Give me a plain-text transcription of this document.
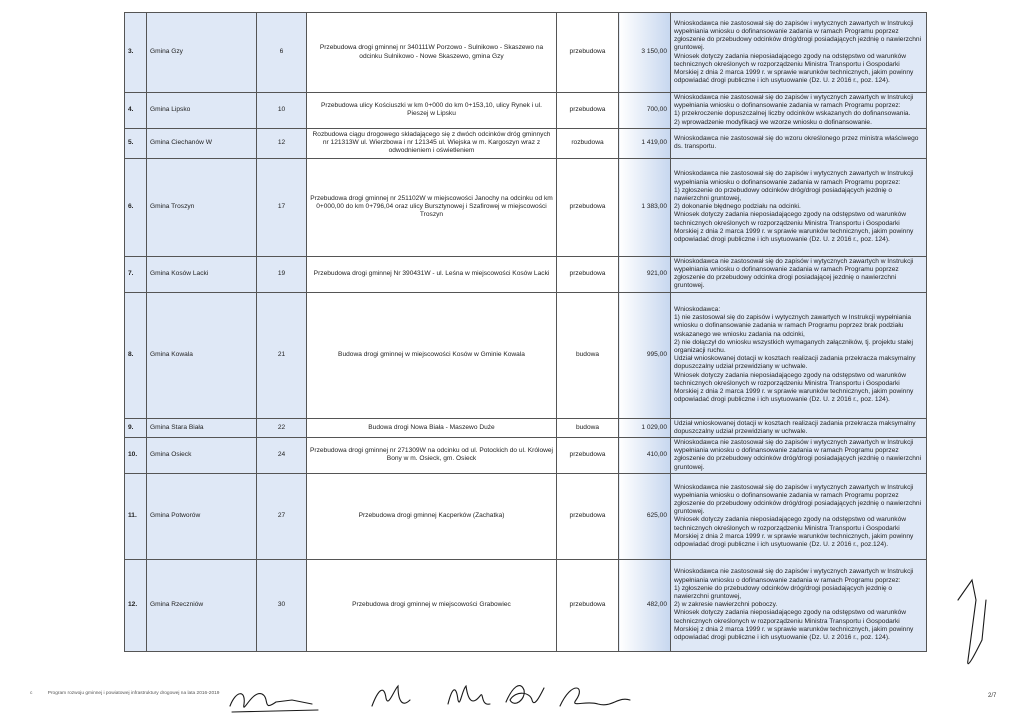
3.	Gmina Gzy	6	Przebudowa drogi gminnej nr 340111W Porzowo - Sulnikowo - Skaszewo na odcinku Sulnikowo - Nowe Skaszewo, gmina Gzy	przebudowa	3 150,00	Wnioskodawca nie zastosował się do zapisów i wytycznych zawartych w Instrukcji wypełniania wniosku o dofinansowanie zadania w ramach Programu poprzez zgłoszenie do przebudowy odcinków dróg/drogi posiadających jezdnię o nawierzchni gruntowej.

Wniosek dotyczy zadania nieposiadającego zgody na odstępstwo od warunków technicznych określonych w rozporządzeniu Ministra Transportu i Gospodarki Morskiej z dnia 2 marca 1999 r. w sprawie warunków technicznych, jakim powinny odpowiadać drogi publiczne i ich usytuowanie (Dz. U. z 2016 r., poz. 124).

4.	Gmina Lipsko	10	Przebudowa ulicy Kościuszki w km 0+000 do km 0+153,10, ulicy Rynek i ul. Pieszej w Lipsku	przebudowa	700,00	Wnioskodawca nie zastosował się do zapisów i wytycznych zawartych w Instrukcji wypełniania wniosku o dofinansowanie zadania w ramach Programu poprzez:

1) przekroczenie dopuszczalnej liczby odcinków wskazanych do dofinansowania.

2) wprowadzenie modyfikacji we wzorze wniosku o dofinansowanie.

5.	Gmina Ciechanów W	12	Rozbudowa ciągu drogowego składającego się z dwóch odcinków dróg gminnych nr 121313W ul. Wierzbowa i nr 121345 ul. Wiejska w m. Kargoszyn wraz z odwodnieniem i oświetleniem	rozbudowa	1 419,00	Wnioskodawca nie zastosował się do wzoru określonego przez ministra właściwego ds. transportu.

6.	Gmina Troszyn	17	Przebudowa drogi gminnej nr 251102W w miejscowości Janochy na odcinku od km 0+000,00 do km 0+796,04 oraz ulicy Bursztynowej i Szafirowej w miejscowości Troszyn	przebudowa	1 383,00	Wnioskodawca nie zastosował się do zapisów i wytycznych zawartych w Instrukcji wypełniania wniosku o dofinansowanie zadania w ramach Programu poprzez:

1) zgłoszenie do przebudowy odcinków dróg/drogi posiadających jezdnię o nawierzchni gruntowej,

2) dokonanie błędnego podziału na odcinki.

Wniosek dotyczy zadania nieposiadającego zgody na odstępstwo od warunków technicznych określonych w rozporządzeniu Ministra Transportu i Gospodarki Morskiej z dnia 2 marca 1999 r. w sprawie warunków technicznych, jakim powinny odpowiadać drogi publiczne i ich usytuowanie (Dz. U. z 2016 r., poz. 124).

7.	Gmina Kosów Lacki	19	Przebudowa drogi gminnej Nr 390431W - ul. Leśna w miejscowości Kosów Lacki	przebudowa	921,00	Wnioskodawca nie zastosował się do zapisów i wytycznych zawartych w Instrukcji wypełniania wniosku o dofinansowanie zadania w ramach Programu poprzez zgłoszenie do przebudowy odcinka drogi posiadającej jezdnię o nawierzchni gruntowej.

8.	Gmina Kowala	21	Budowa drogi gminnej w miejscowości Kosów w Gminie Kowala	budowa	995,00	Wnioskodawca:

1) nie zastosował się do zapisów i wytycznych zawartych w Instrukcji wypełniania wniosku o dofinansowanie zadania w ramach Programu poprzez brak podziału wskazanego we wniosku zadania na odcinki,

2) nie dołączył do wniosku wszystkich wymaganych załączników, tj. projektu stałej organizacji ruchu.

Udział wnioskowanej dotacji w kosztach realizacji zadania przekracza maksymalny dopuszczalny udział przewidziany w uchwale.

Wniosek dotyczy zadania nieposiadającego zgody na odstępstwo od warunków technicznych określonych w rozporządzeniu Ministra Transportu i Gospodarki Morskiej z dnia 2 marca 1999 r. w sprawie warunków technicznych, jakim powinny odpowiadać drogi publiczne i ich usytuowanie (Dz. U. z 2016 r., poz. 124).

9.	Gmina Stara Biała	22	Budowa drogi Nowa Biała - Maszewo Duże	budowa	1 029,00	Udział wnioskowanej dotacji w kosztach realizacji zadania przekracza maksymalny dopuszczalny udział przewidziany w uchwale.

10.	Gmina Osieck	24	Przebudowa drogi gminnej nr 271309W na odcinku od ul. Potockich do ul. Królowej Bony w m. Osieck, gm. Osieck	przebudowa	410,00	Wnioskodawca nie zastosował się do zapisów i wytycznych zawartych w Instrukcji wypełniania wniosku o dofinansowanie zadania w ramach Programu poprzez zgłoszenie do przebudowy odcinków dróg/drogi posiadających jezdnię o nawierzchni gruntowej.

11.	Gmina Potworów	27	Przebudowa drogi gminnej Kacperków (Zachatka)	przebudowa	625,00	Wnioskodawca nie zastosował się do zapisów i wytycznych zawartych w Instrukcji wypełniania wniosku o dofinansowanie zadania w ramach Programu poprzez zgłoszenie do przebudowy odcinków dróg/drogi posiadających jezdnię o nawierzchni gruntowej.

Wniosek dotyczy zadania nieposiadającego zgody na odstępstwo od warunków technicznych określonych w rozporządzeniu Ministra Transportu i Gospodarki Morskiej z dnia 2 marca 1999 r. w sprawie warunków technicznych, jakim powinny odpowiadać drogi publiczne i ich usytuowanie (Dz. U. z 2016 r., poz.124).

12.	Gmina Rzeczniów	30	Przebudowa drogi gminnej w miejscowości Grabowiec	przebudowa	482,00	Wnioskodawca nie zastosował się do zapisów i wytycznych zawartych w Instrukcji wypełniania wniosku o dofinansowanie zadania w ramach Programu poprzez:

1) zgłoszenie do przebudowy odcinków dróg/drogi posiadających jezdnię o nawierzchni gruntowej,

2) w zakresie nawierzchni poboczy.

Wniosek dotyczy zadania nieposiadającego zgody na odstępstwo od warunków technicznych określonych w rozporządzeniu Ministra Transportu i Gospodarki Morskiej z dnia 2 marca 1999 r. w sprawie warunków technicznych, jakim powinny odpowiadać drogi publiczne i ich usytuowanie (Dz. U. z 2016 r., poz. 124).

c	Program rozwoju gminnej i powiatowej infrastruktury drogowej na lata 2016-2019	2/7
